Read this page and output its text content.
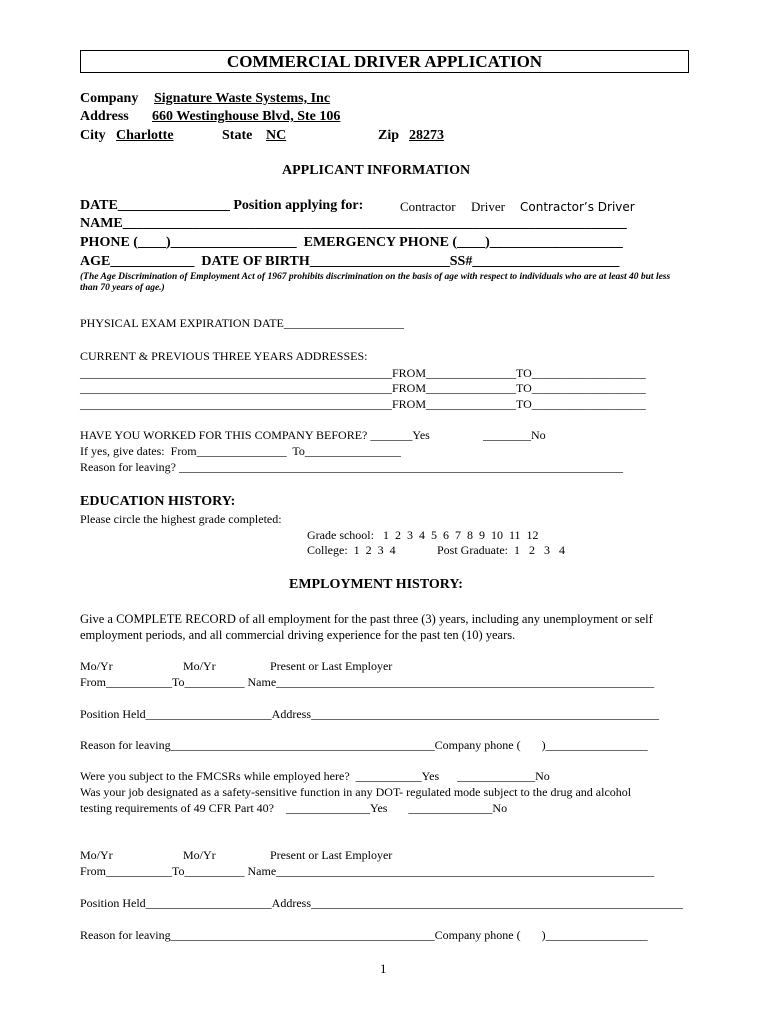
COMMERCIAL DRIVER APPLICATION
Company Signature Waste Systems, Inc
Address 660 Westinghouse Blvd, Ste 106
City Charlotte	State NC	Zip 28273
APPLICANT INFORMATION
DATE________________ Position applying for:	Contractor Driver Contractor’s Driver
NAME________________________________________________________________________
PHONE (____)__________________  EMERGENCY PHONE (____)___________________
AGE____________  DATE OF BIRTH____________________SS#_____________________
(The Age Discrimination of Employment Act of 1967 prohibits discrimination on the basis of age with respect to individuals who are at least 40 but less than 70 years of age.)
PHYSICAL EXAM EXPIRATION DATE____________________
CURRENT & PREVIOUS THREE YEARS ADDRESSES:
____________________________________________________FROM_______________TO___________________
____________________________________________________FROM_______________TO___________________
____________________________________________________FROM_______________TO___________________
HAVE YOU WORKED FOR THIS COMPANY BEFORE? _______Yes	________No
If yes, give dates:  From_______________  To________________
Reason for leaving? __________________________________________________________________________
EDUCATION HISTORY:
Please circle the highest grade completed:
Grade school:   1  2  3  4  5  6  7  8  9  10  11  12
College:  1  2  3  4	Post Graduate:  1   2   3   4
EMPLOYMENT HISTORY:
Give a COMPLETE RECORD of all employment for the past three (3) years, including any unemployment or self employment periods, and all commercial driving experience for the past ten (10) years.
Mo/Yr	Mo/Yr	Present or Last Employer
From___________To__________ Name_______________________________________________________________
Position Held_____________________Address__________________________________________________________
Reason for leaving____________________________________________Company phone (       )_________________
Were you subject to the FMCSRs while employed here?  ___________Yes      _____________No
Was your job designated as a safety-sensitive function in any DOT- regulated mode subject to the drug and alcohol
testing requirements of 49 CFR Part 40?    ______________Yes       ______________No
Mo/Yr	Mo/Yr	Present or Last Employer
From___________To__________ Name_______________________________________________________________
Position Held_____________________Address______________________________________________________________
Reason for leaving____________________________________________Company phone (       )_________________
1
